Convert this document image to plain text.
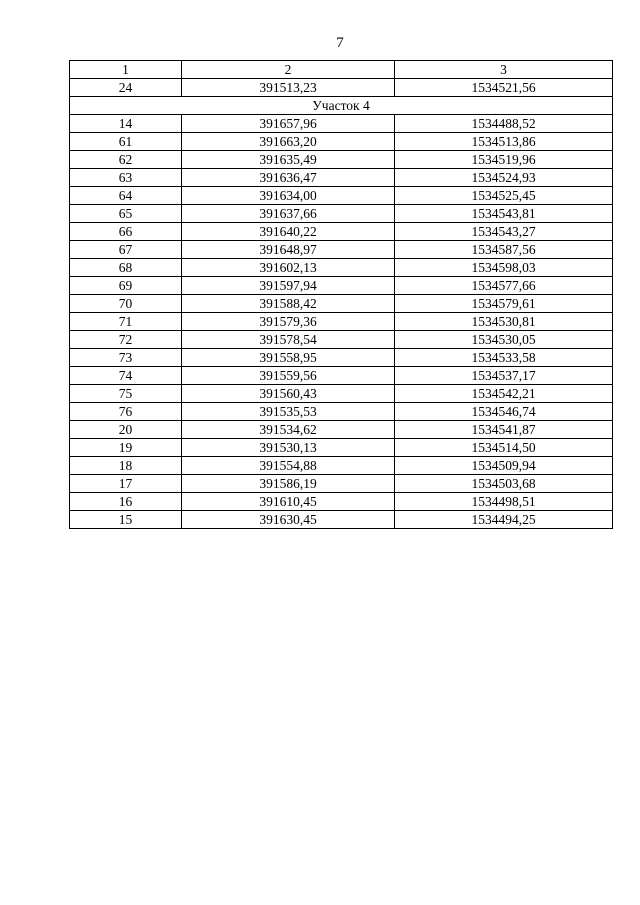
7
1	2	3
24	391513,23	1534521,56
Участок 4		
14	391657,96	1534488,52
61	391663,20	1534513,86
62	391635,49	1534519,96
63	391636,47	1534524,93
64	391634,00	1534525,45
65	391637,66	1534543,81
66	391640,22	1534543,27
67	391648,97	1534587,56
68	391602,13	1534598,03
69	391597,94	1534577,66
70	391588,42	1534579,61
71	391579,36	1534530,81
72	391578,54	1534530,05
73	391558,95	1534533,58
74	391559,56	1534537,17
75	391560,43	1534542,21
76	391535,53	1534546,74
20	391534,62	1534541,87
19	391530,13	1534514,50
18	391554,88	1534509,94
17	391586,19	1534503,68
16	391610,45	1534498,51
15	391630,45	1534494,25
